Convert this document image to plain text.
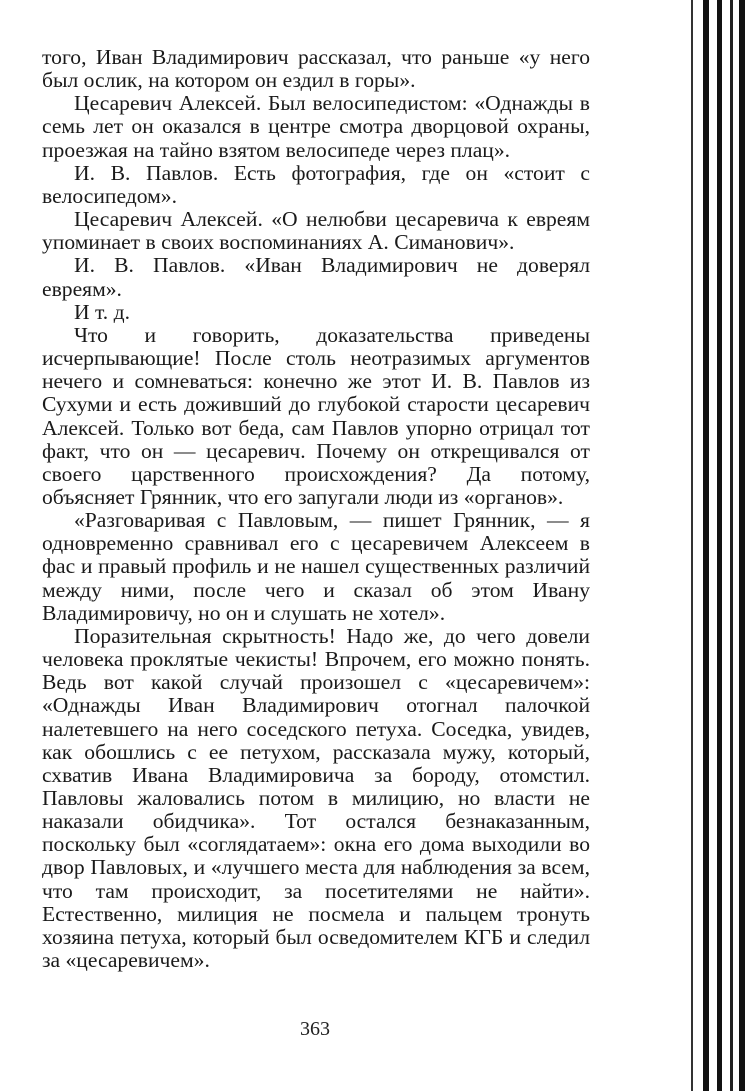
того, Иван Владимирович рассказал, что раньше «у него был ослик, на котором он ездил в горы».

Цесаревич Алексей. Был велосипедистом: «Однажды в семь лет он оказался в центре смотра дворцовой охраны, проезжая на тайно взятом велосипеде через плац».

И. В. Павлов. Есть фотография, где он «стоит с велосипедом».

Цесаревич Алексей. «О нелюбви цесаревича к евреям упоминает в своих воспоминаниях А. Симанович».

И. В. Павлов. «Иван Владимирович не доверял евреям».

И т. д.

Что и говорить, доказательства приведены исчерпывающие! После столь неотразимых аргументов нечего и сомневаться: конечно же этот И. В. Павлов из Сухуми и есть доживший до глубокой старости цесаревич Алексей. Только вот беда, сам Павлов упорно отрицал тот факт, что он — цесаревич. Почему он открещивался от своего царственного происхождения? Да потому, объясняет Грянник, что его запугали люди из «органов».

«Разговаривая с Павловым, — пишет Грянник, — я одновременно сравнивал его с цесаревичем Алексеем в фас и правый профиль и не нашел существенных различий между ними, после чего и сказал об этом Ивану Владимировичу, но он и слушать не хотел».

Поразительная скрытность! Надо же, до чего довели человека проклятые чекисты! Впрочем, его можно понять. Ведь вот какой случай произошел с «цесаревичем»: «Однажды Иван Владимирович отогнал палочкой налетевшего на него соседского петуха. Соседка, увидев, как обошлись с ее петухом, рассказала мужу, который, схватив Ивана Владимировича за бороду, отомстил. Павловы жаловались потом в милицию, но власти не наказали обидчика». Тот остался безнаказанным, поскольку был «соглядатаем»: окна его дома выходили во двор Павловых, и «лучшего места для наблюдения за всем, что там происходит, за посетителями не найти». Естественно, милиция не посмела и пальцем тронуть хозяина петуха, который был осведомителем КГБ и следил за «цесаревичем».

363
